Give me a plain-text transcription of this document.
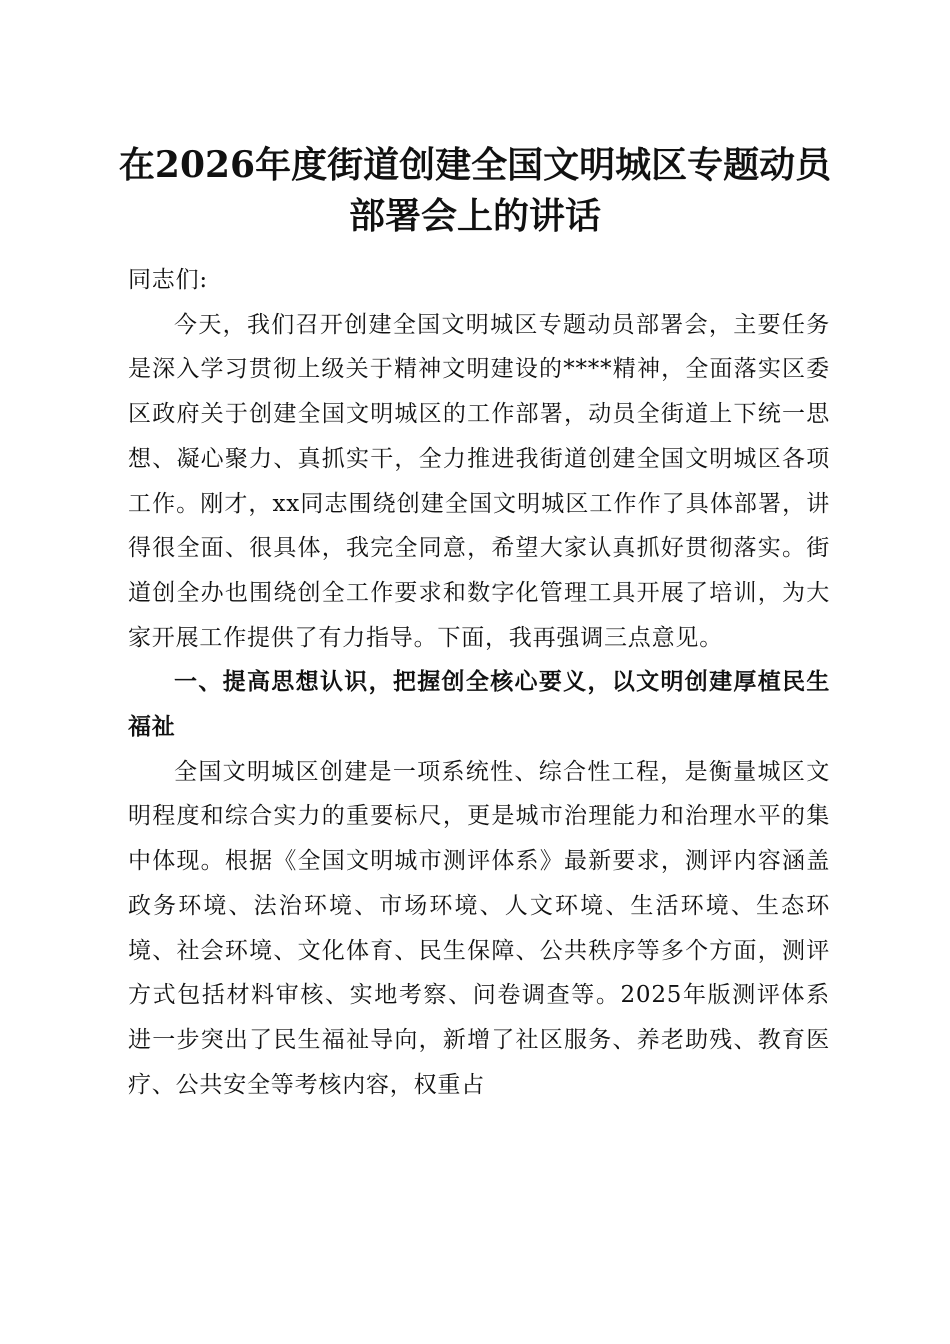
在2026年度街道创建全国文明城区专题动员
部署会上的讲话

同志们:

今天，我们召开创建全国文明城区专题动员部署会，主要任务是深入学习贯彻上级关于精神文明建设的****精神，全面落实区委区政府关于创建全国文明城区的工作部署，动员全街道上下统一思想、凝心聚力、真抓实干，全力推进我街道创建全国文明城区各项工作。刚才，xx同志围绕创建全国文明城区工作作了具体部署，讲得很全面、很具体，我完全同意，希望大家认真抓好贯彻落实。街道创全办也围绕创全工作要求和数字化管理工具开展了培训，为大家开展工作提供了有力指导。下面，我再强调三点意见。

一、提高思想认识，把握创全核心要义，以文明创建厚植民生福祉

全国文明城区创建是一项系统性、综合性工程，是衡量城区文明程度和综合实力的重要标尺，更是城市治理能力和治理水平的集中体现。根据《全国文明城市测评体系》最新要求，测评内容涵盖政务环境、法治环境、市场环境、人文环境、生活环境、生态环境、社会环境、文化体育、民生保障、公共秩序等多个方面，测评方式包括材料审核、实地考察、问卷调查等。2025年版测评体系进一步突出了民生福祉导向，新增了社区服务、养老助残、教育医疗、公共安全等考核内容，权重占
